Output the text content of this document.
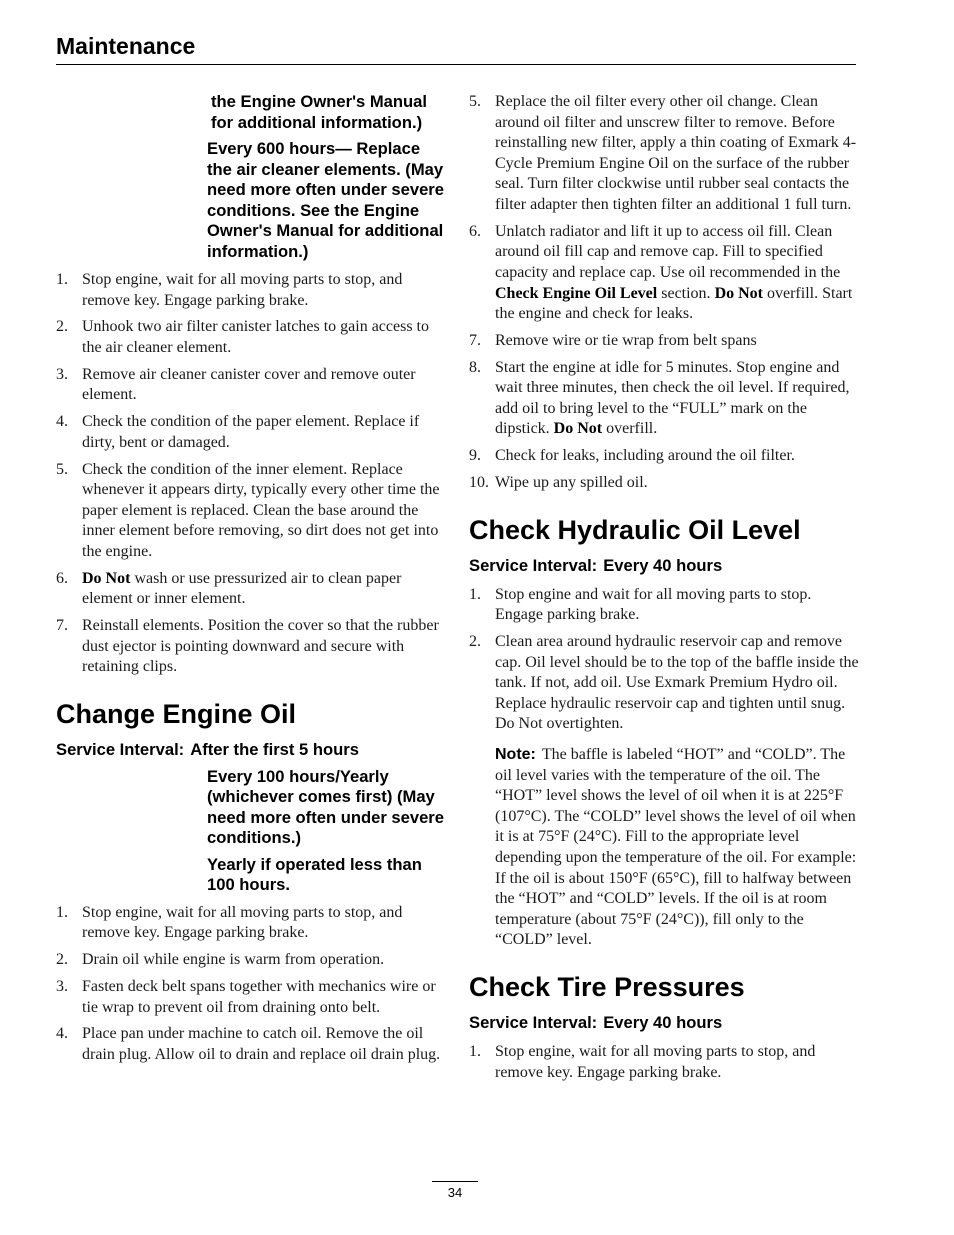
Maintenance
the Engine Owner's Manual for additional information.)
Every 600 hours— Replace the air cleaner elements. (May need more often under severe conditions. See the Engine Owner's Manual for additional information.)
1. Stop engine, wait for all moving parts to stop, and remove key. Engage parking brake.
2. Unhook two air filter canister latches to gain access to the air cleaner element.
3. Remove air cleaner canister cover and remove outer element.
4. Check the condition of the paper element. Replace if dirty, bent or damaged.
5. Check the condition of the inner element. Replace whenever it appears dirty, typically every other time the paper element is replaced. Clean the base around the inner element before removing, so dirt does not get into the engine.
6. Do Not wash or use pressurized air to clean paper element or inner element.
7. Reinstall elements. Position the cover so that the rubber dust ejector is pointing downward and secure with retaining clips.
Change Engine Oil
Service Interval: After the first 5 hours
Every 100 hours/Yearly (whichever comes first) (May need more often under severe conditions.)
Yearly if operated less than 100 hours.
1. Stop engine, wait for all moving parts to stop, and remove key. Engage parking brake.
2. Drain oil while engine is warm from operation.
3. Fasten deck belt spans together with mechanics wire or tie wrap to prevent oil from draining onto belt.
4. Place pan under machine to catch oil. Remove the oil drain plug. Allow oil to drain and replace oil drain plug.
5. Replace the oil filter every other oil change. Clean around oil filter and unscrew filter to remove. Before reinstalling new filter, apply a thin coating of Exmark 4-Cycle Premium Engine Oil on the surface of the rubber seal. Turn filter clockwise until rubber seal contacts the filter adapter then tighten filter an additional 1 full turn.
6. Unlatch radiator and lift it up to access oil fill. Clean around oil fill cap and remove cap. Fill to specified capacity and replace cap. Use oil recommended in the Check Engine Oil Level section. Do Not overfill. Start the engine and check for leaks.
7. Remove wire or tie wrap from belt spans
8. Start the engine at idle for 5 minutes. Stop engine and wait three minutes, then check the oil level. If required, add oil to bring level to the “FULL” mark on the dipstick. Do Not overfill.
9. Check for leaks, including around the oil filter.
10. Wipe up any spilled oil.
Check Hydraulic Oil Level
Service Interval: Every 40 hours
1. Stop engine and wait for all moving parts to stop. Engage parking brake.
2. Clean area around hydraulic reservoir cap and remove cap. Oil level should be to the top of the baffle inside the tank. If not, add oil. Use Exmark Premium Hydro oil. Replace hydraulic reservoir cap and tighten until snug. Do Not overtighten.
Note: The baffle is labeled “HOT” and “COLD”. The oil level varies with the temperature of the oil. The “HOT” level shows the level of oil when it is at 225°F (107°C). The “COLD” level shows the level of oil when it is at 75°F (24°C). Fill to the appropriate level depending upon the temperature of the oil. For example: If the oil is about 150°F (65°C), fill to halfway between the “HOT” and “COLD” levels. If the oil is at room temperature (about 75°F (24°C)), fill only to the “COLD” level.
Check Tire Pressures
Service Interval: Every 40 hours
1. Stop engine, wait for all moving parts to stop, and remove key. Engage parking brake.
34
